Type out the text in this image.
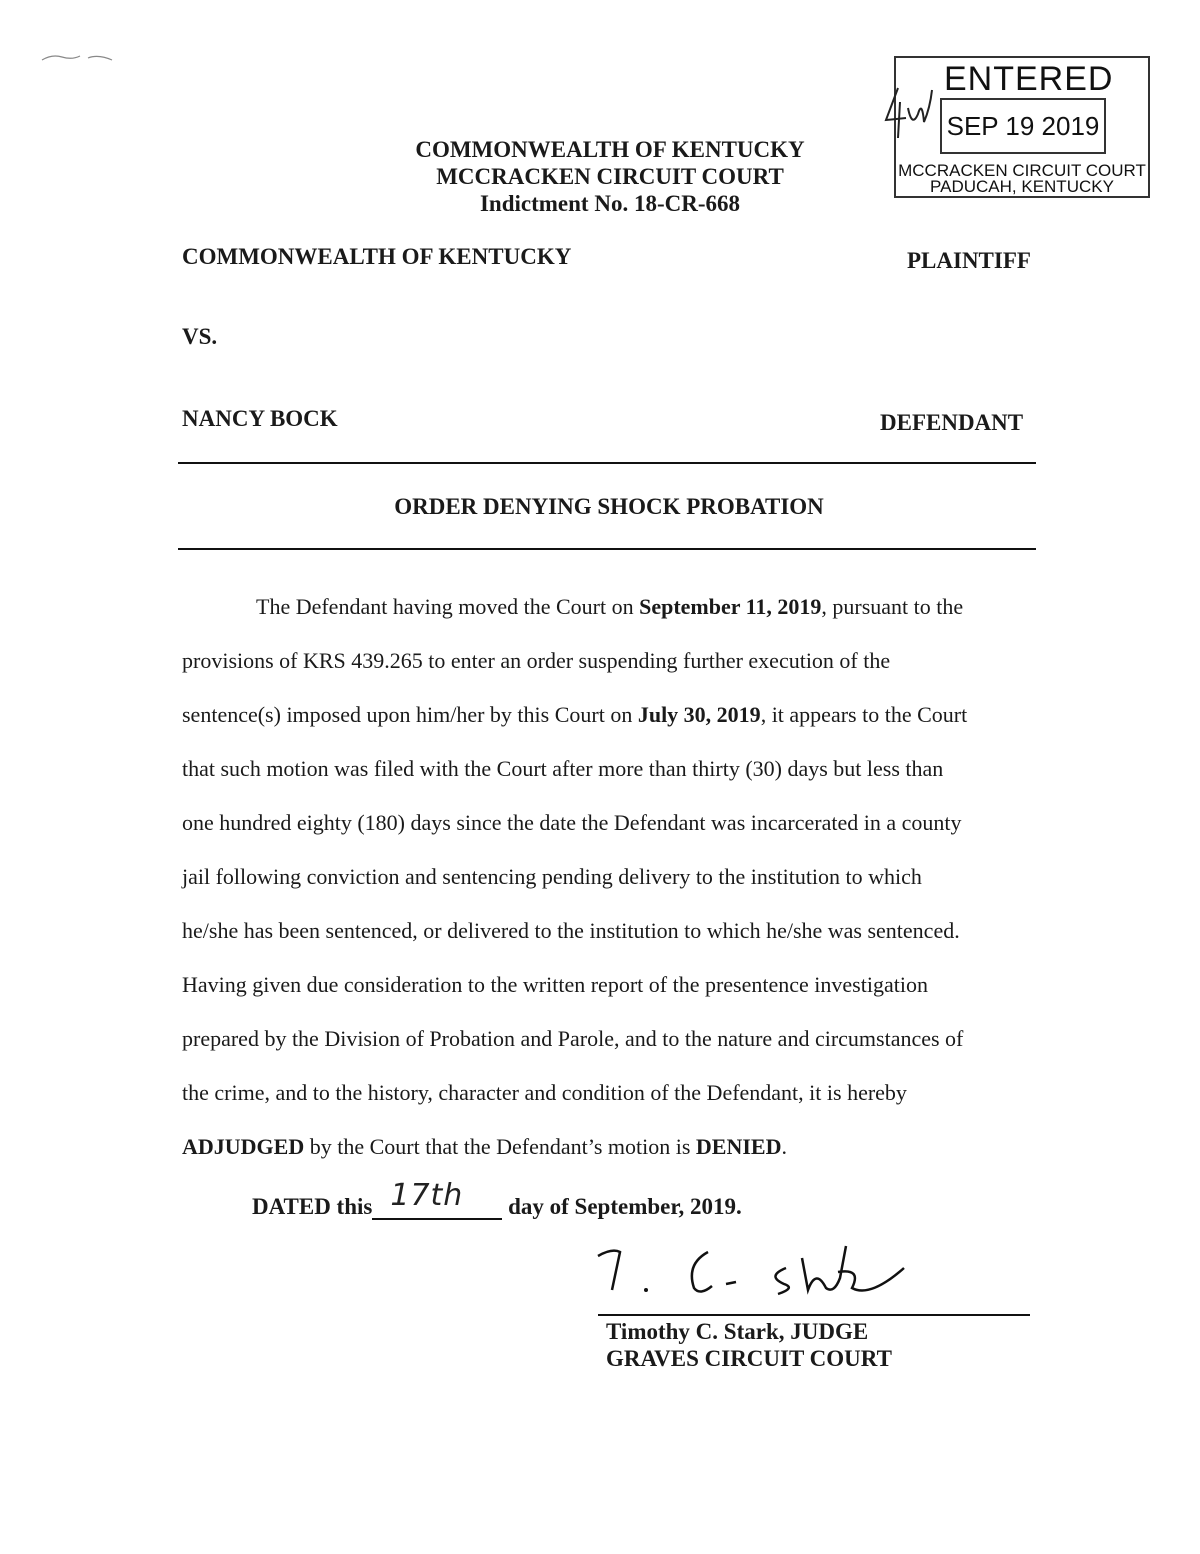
ENTERED
SEP 19 2019
MCCRACKEN CIRCUIT COURT
PADUCAH, KENTUCKY
COMMONWEALTH OF KENTUCKY
MCCRACKEN CIRCUIT COURT
Indictment No. 18-CR-668
COMMONWEALTH OF KENTUCKY	PLAINTIFF
VS.
NANCY BOCK	DEFENDANT
ORDER DENYING SHOCK PROBATION
The Defendant having moved the Court on September 11, 2019, pursuant to the
provisions of KRS 439.265 to enter an order suspending further execution of the
sentence(s) imposed upon him/her by this Court on July 30, 2019, it appears to the Court
that such motion was filed with the Court after more than thirty (30) days but less than
one hundred eighty (180) days since the date the Defendant was incarcerated in a county
jail following conviction and sentencing pending delivery to the institution to which
he/she has been sentenced, or delivered to the institution to which he/she was sentenced.
Having given due consideration to the written report of the presentence investigation
prepared by the Division of Probation and Parole, and to the nature and circumstances of
the crime, and to the history, character and condition of the Defendant, it is hereby
ADJUDGED by the Court that the Defendant’s motion is DENIED.
DATED this 17th day of September, 2019.
Timothy C. Stark, JUDGE
GRAVES CIRCUIT COURT
